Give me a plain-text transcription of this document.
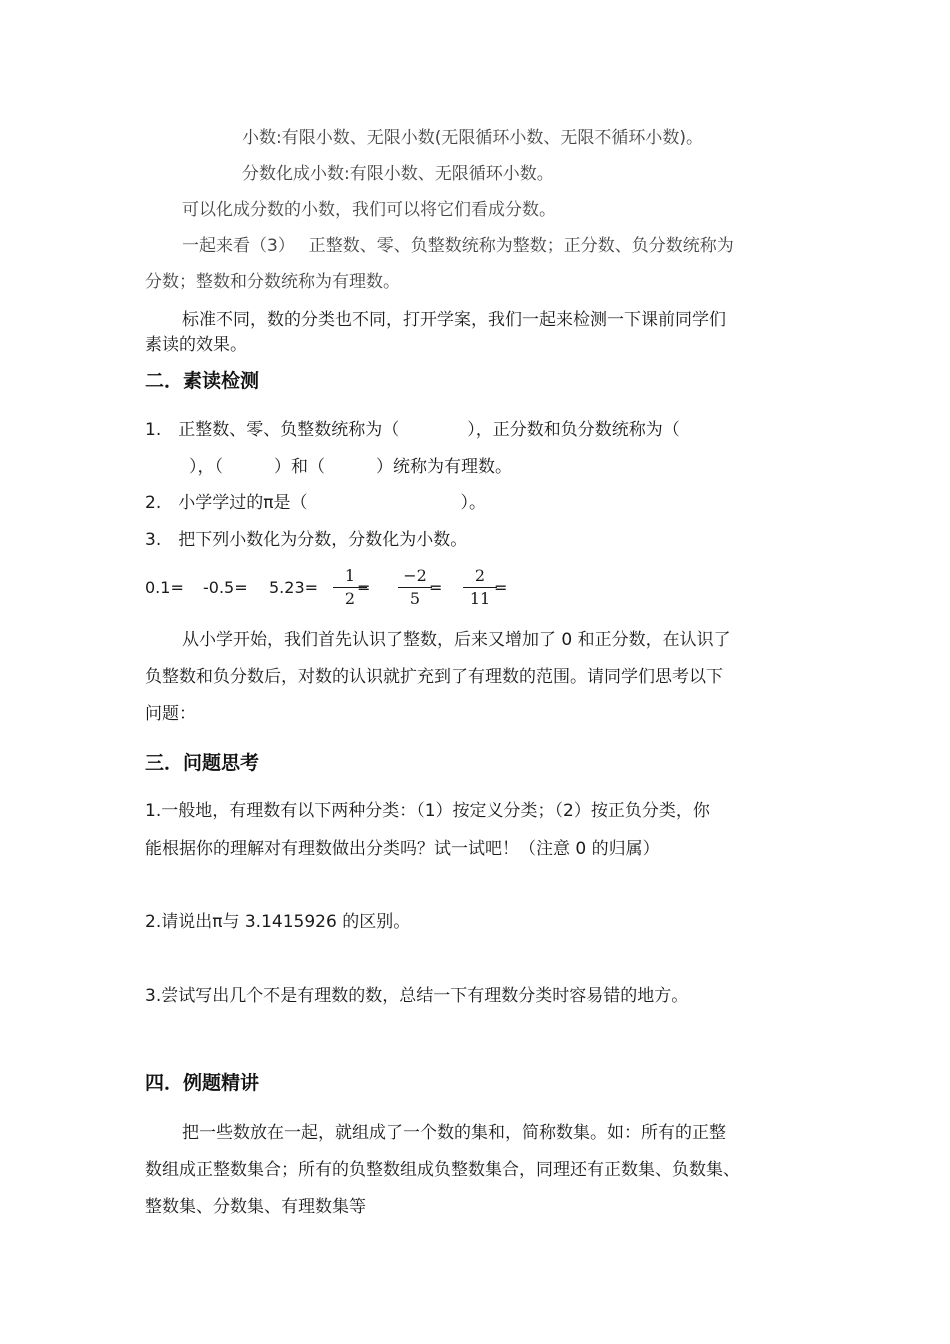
小数:有限小数、无限小数(无限循环小数、无限不循环小数)。

分数化成小数:有限小数、无限循环小数。

可以化成分数的小数，我们可以将它们看成分数。

一起来看（3）　 正整数、零、负整数统称为整数；正分数、负分数统称为

分数；整数和分数统称为有理数。

标准不同，数的分类也不同，打开学案，我们一起来检测一下课前同学们

素读的效果。

二．素读检测

1.　正整数、零、负整数统称为（　　　　），正分数和负分数统称为（

），（　　　）和（　　　）统称为有理数。

2.　小学学过的π是（　　　　　　　　　）。

3.　把下列小数化为分数，分数化为小数。

0.1= -0.5= 5.23=
1
2
=
−2
5
=
2
11
=

从小学开始，我们首先认识了整数，后来又增加了 0 和正分数，在认识了

负整数和负分数后，对数的认识就扩充到了有理数的范围。请同学们思考以下

问题：

三．问题思考

1.一般地，有理数有以下两种分类：（1）按定义分类；（2）按正负分类，你

能根据你的理解对有理数做出分类吗？试一试吧！（注意 0 的归属）

2.请说出π与 3.1415926 的区别。

3.尝试写出几个不是有理数的数，总结一下有理数分类时容易错的地方。

四．例题精讲

把一些数放在一起，就组成了一个数的集和，简称数集。如：所有的正整

数组成正整数集合；所有的负整数组成负整数集合，同理还有正数集、负数集、

整数集、分数集、有理数集等
